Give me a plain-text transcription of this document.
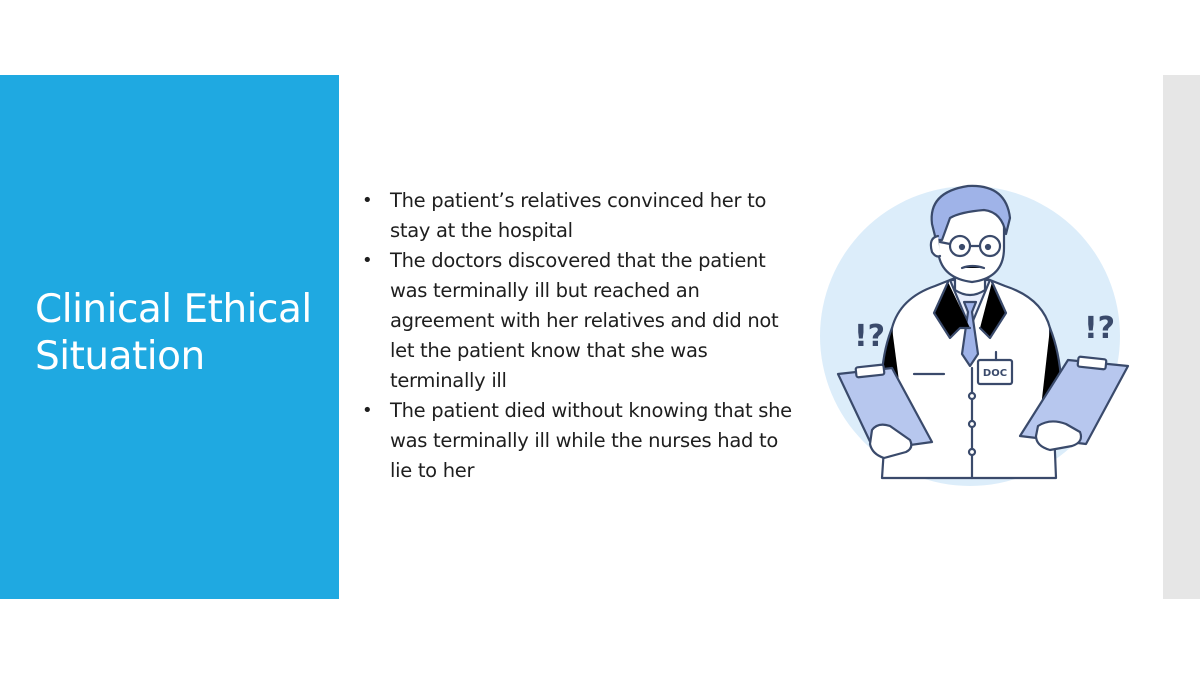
Clinical Ethical Situation
• The patient’s relatives convinced her to stay at the hospital
• The doctors discovered that the patient was terminally ill but reached an agreement with her relatives and did not let the patient know that she was terminally ill
• The patient died without knowing that she was terminally ill while the nurses had to lie to her
DOC
!?	!?
